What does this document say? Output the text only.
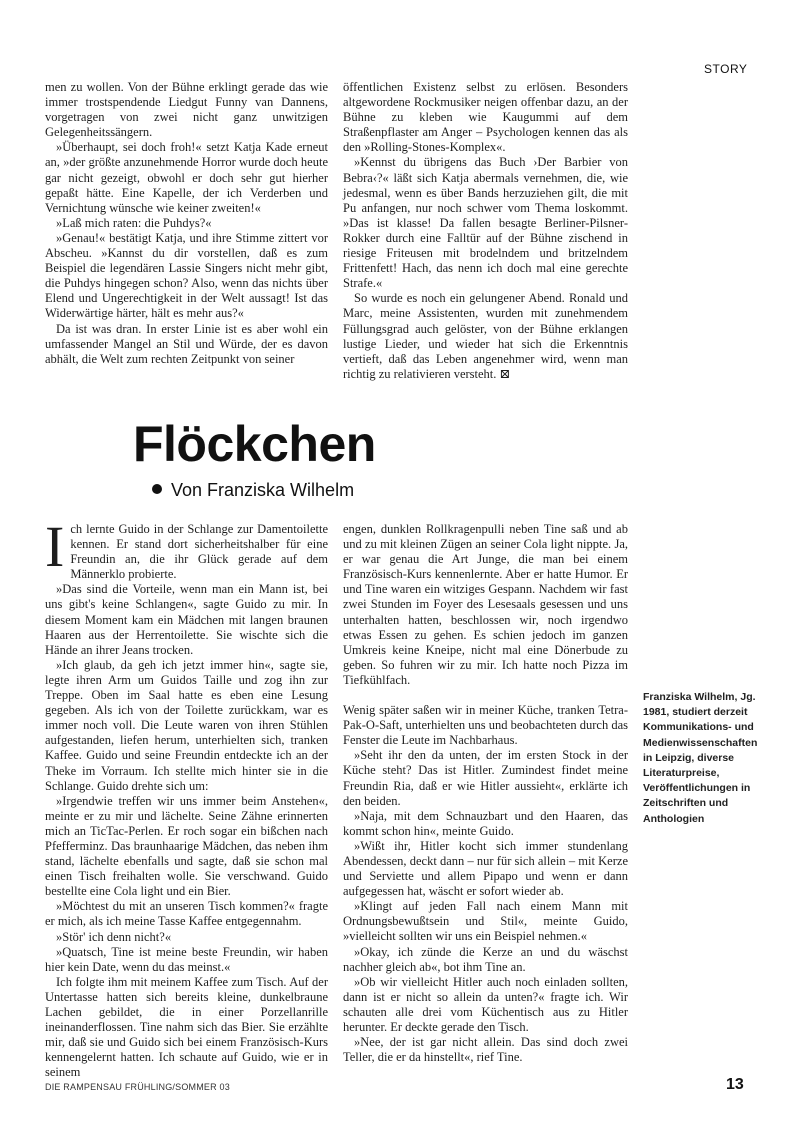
STORY

men zu wollen. Von der Bühne erklingt gerade das wie immer trostspendende Liedgut Funny van Dannens, vorgetragen von zwei nicht ganz unwitzigen Gelegenheitssängern.

»Überhaupt, sei doch froh!« setzt Katja Kade erneut an, »der größte anzunehmende Horror wurde doch heute gar nicht gezeigt, obwohl er doch sehr gut hierher gepaßt hätte. Eine Kapelle, der ich Verderben und Vernichtung wünsche wie keiner zweiten!«

»Laß mich raten: die Puhdys?«

»Genau!« bestätigt Katja, und ihre Stimme zittert vor Abscheu. »Kannst du dir vorstellen, daß es zum Beispiel die legendären Lassie Singers nicht mehr gibt, die Puhdys hingegen schon? Also, wenn das nichts über Elend und Ungerechtigkeit in der Welt aussagt! Ist das Widerwärtige härter, hält es mehr aus?«

Da ist was dran. In erster Linie ist es aber wohl ein umfassender Mangel an Stil und Würde, der es davon abhält, die Welt zum rechten Zeitpunkt von seiner

öffentlichen Existenz selbst zu erlösen. Besonders altgewordene Rockmusiker neigen offenbar dazu, an der Bühne zu kleben wie Kaugummi auf dem Straßenpflaster am Anger – Psychologen kennen das als den »Rolling-Stones-Komplex«.

»Kennst du übrigens das Buch ›Der Barbier von Bebra‹?« läßt sich Katja abermals vernehmen, die, wie jedesmal, wenn es über Bands herzuziehen gilt, die mit Pu anfangen, nur noch schwer vom Thema loskommt. »Das ist klasse! Da fallen besagte Berliner-Pilsner-Rokker durch eine Falltür auf der Bühne zischend in riesige Friteusen mit brodelndem und britzelndem Frittenfett! Hach, das nenn ich doch mal eine gerechte Strafe.«

So wurde es noch ein gelungener Abend. Ronald und Marc, meine Assistenten, wurden mit zunehmendem Füllungsgrad auch gelöster, von der Bühne erklangen lustige Lieder, und wieder hat sich die Erkenntnis vertieft, daß das Leben angenehmer wird, wenn man richtig zu relativieren versteht. ⊠

Flöckchen
Von Franziska Wilhelm

Ich lernte Guido in der Schlange zur Damentoilette kennen. Er stand dort sicherheitshalber für eine Freundin an, die ihr Glück gerade auf dem Männerklo probierte.

»Das sind die Vorteile, wenn man ein Mann ist, bei uns gibt's keine Schlangen«, sagte Guido zu mir. In diesem Moment kam ein Mädchen mit langen braunen Haaren aus der Herrentoilette. Sie wischte sich die Hände an ihrer Jeans trocken.

»Ich glaub, da geh ich jetzt immer hin«, sagte sie, legte ihren Arm um Guidos Taille und zog ihn zur Treppe. Oben im Saal hatte es eben eine Lesung gegeben. Als ich von der Toilette zurückkam, war es immer noch voll. Die Leute waren von ihren Stühlen aufgestanden, liefen herum, unterhielten sich, tranken Kaffee. Guido und seine Freundin entdeckte ich an der Theke im Vorraum. Ich stellte mich hinter sie in die Schlange. Guido drehte sich um:

»Irgendwie treffen wir uns immer beim Anstehen«, meinte er zu mir und lächelte. Seine Zähne erinnerten mich an TicTac-Perlen. Er roch sogar ein bißchen nach Pfefferminz. Das braunhaarige Mädchen, das neben ihm stand, lächelte ebenfalls und sagte, daß sie schon mal einen Tisch freihalten wolle. Sie verschwand. Guido bestellte eine Cola light und ein Bier.

»Möchtest du mit an unseren Tisch kommen?« fragte er mich, als ich meine Tasse Kaffee entgegennahm.

»Stör' ich denn nicht?«

»Quatsch, Tine ist meine beste Freundin, wir haben hier kein Date, wenn du das meinst.«

Ich folgte ihm mit meinem Kaffee zum Tisch. Auf der Untertasse hatten sich bereits kleine, dunkelbraune Lachen gebildet, die in einer Porzellanrille ineinanderflossen. Tine nahm sich das Bier. Sie erzählte mir, daß sie und Guido sich bei einem Französisch-Kurs kennengelernt hatten. Ich schaute auf Guido, wie er in seinem

engen, dunklen Rollkragenpulli neben Tine saß und ab und zu mit kleinen Zügen an seiner Cola light nippte. Ja, er war genau die Art Junge, die man bei einem Französisch-Kurs kennenlernte. Aber er hatte Humor. Er und Tine waren ein witziges Gespann. Nachdem wir fast zwei Stunden im Foyer des Lesesaals gesessen und uns unterhalten hatten, beschlossen wir, noch irgendwo etwas Essen zu gehen. Es schien jedoch im ganzen Umkreis keine Kneipe, nicht mal eine Dönerbude zu geben. So fuhren wir zu mir. Ich hatte noch Pizza im Tiefkühlfach.

Wenig später saßen wir in meiner Küche, tranken Tetra-Pak-O-Saft, unterhielten uns und beobachteten durch das Fenster die Leute im Nachbarhaus.

»Seht ihr den da unten, der im ersten Stock in der Küche steht? Das ist Hitler. Zumindest findet meine Freundin Ria, daß er wie Hitler aussieht«, erklärte ich den beiden.

»Naja, mit dem Schnauzbart und den Haaren, das kommt schon hin«, meinte Guido.

»Wißt ihr, Hitler kocht sich immer stundenlang Abendessen, deckt dann – nur für sich allein – mit Kerze und Serviette und allem Pipapo und wenn er dann aufgegessen hat, wäscht er sofort wieder ab.

»Klingt auf jeden Fall nach einem Mann mit Ordnungsbewußtsein und Stil«, meinte Guido, »vielleicht sollten wir uns ein Beispiel nehmen.«

»Okay, ich zünde die Kerze an und du wäschst nachher gleich ab«, bot ihm Tine an.

»Ob wir vielleicht Hitler auch noch einladen sollten, dann ist er nicht so allein da unten?« fragte ich. Wir schauten alle drei vom Küchentisch aus zu Hitler herunter. Er deckte gerade den Tisch.

»Nee, der ist gar nicht allein. Das sind doch zwei Teller, die er da hinstellt«, rief Tine.

Franziska Wilhelm, Jg. 1981, studiert derzeit Kommunikations- und Medienwissenschaften in Leipzig, diverse Literaturpreise, Veröffentlichungen in Zeitschriften und Anthologien
DIE RAMPENSAU FRÜHLING/SOMMER 03	13
